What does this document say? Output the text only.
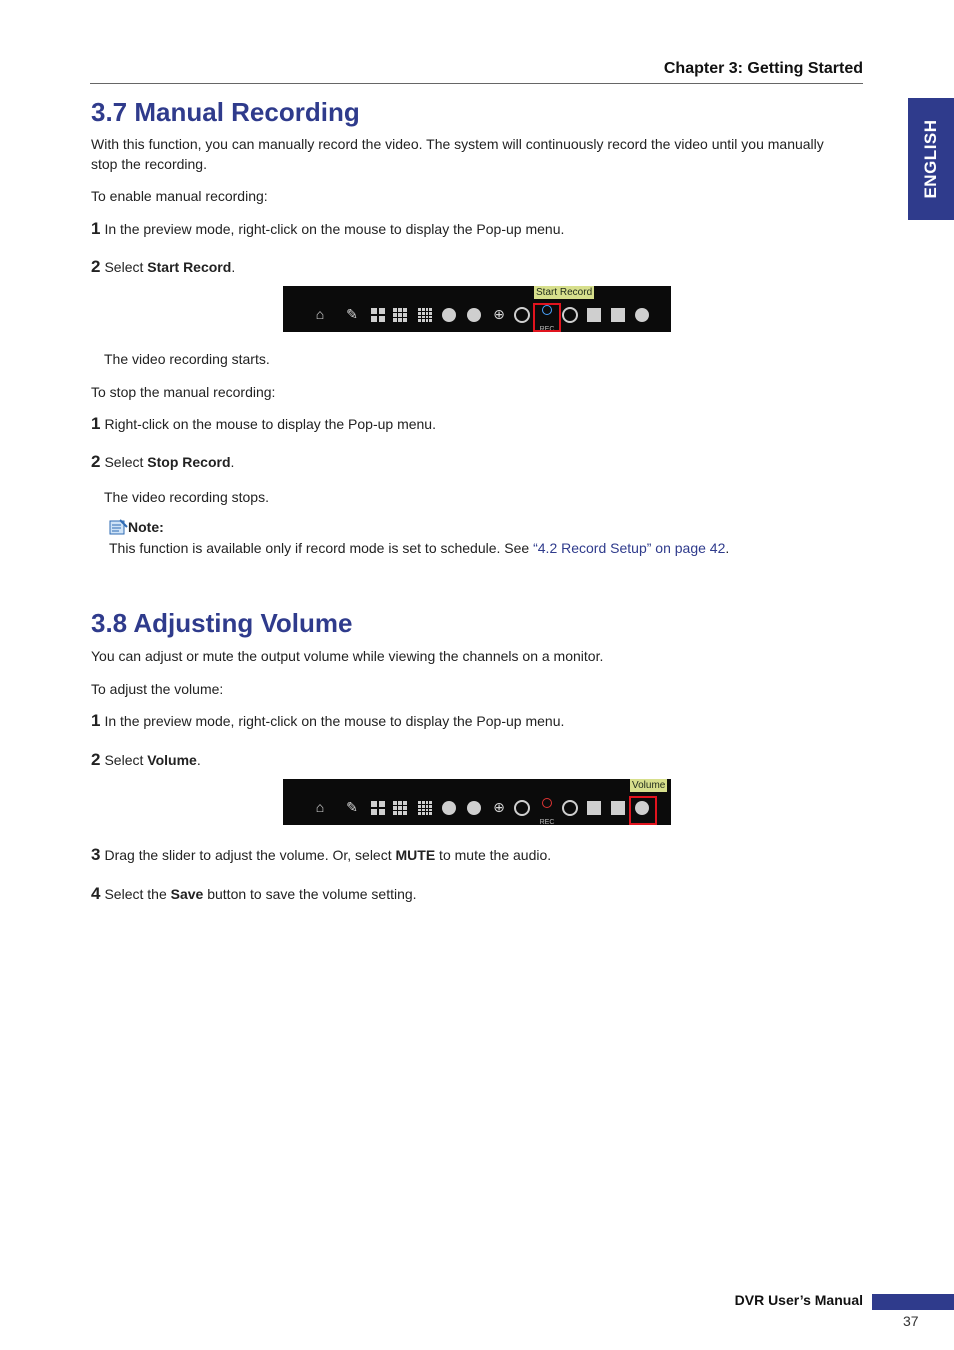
Chapter 3: Getting Started
ENGLISH
3.7 Manual Recording

With this function, you can manually record the video. The system will continuously record the video until you manually stop the recording.

To enable manual recording:

1 In the preview mode, right-click on the mouse to display the Pop-up menu.

2 Select Start Record.

Start Record
⌂	✎	⊕
REC

The video recording starts.

To stop the manual recording:

1 Right-click on the mouse to display the Pop-up menu.

2 Select Stop Record.

The video recording stops.

Note:

This function is available only if record mode is set to schedule. See “4.2 Record Setup” on page 42.

3.8 Adjusting Volume

You can adjust or mute the output volume while viewing the channels on a monitor.

To adjust the volume:

1 In the preview mode, right-click on the mouse to display the Pop-up menu.

2 Select Volume.

Volume
⌂	✎	⊕
REC

3 Drag the slider to adjust the volume. Or, select MUTE to mute the audio.

4 Select the Save button to save the volume setting.

DVR User’s Manual
37
